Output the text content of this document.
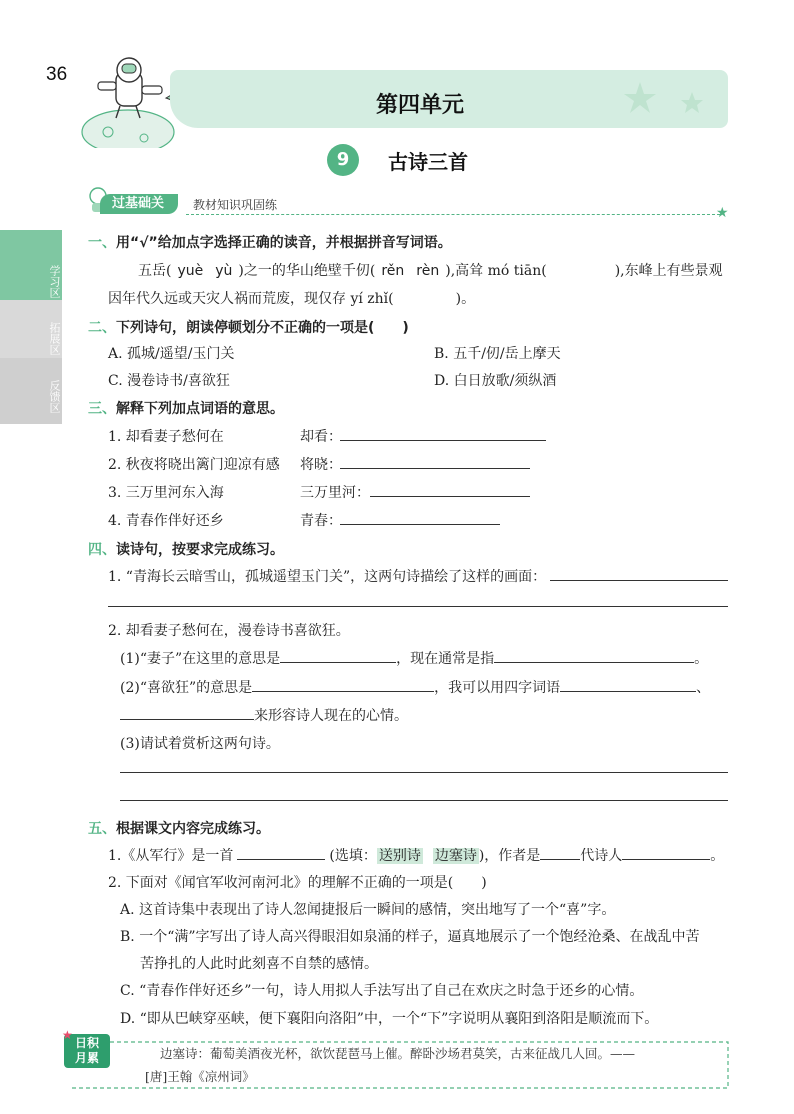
36
第四单元
9	古诗三首
过基础关	教材知识巩固练	★
学习区
拓展区
反馈区
一、用“√”给加点字选择正确的读音，并根据拼音写词语。
五岳( yuè yù )之一的华山绝壁千仞( rěn rèn ),高耸 mó tiān(	),东峰上有些景观
因年代久远或天灾人祸而荒废，现仅存 yí zhǐ(	)。
二、下列诗句，朗读停顿划分不正确的一项是(　　)
A. 孤城/遥望/玉门关	B. 五千/仞/岳上摩天
C. 漫卷诗书/喜欲狂	D. 白日放歌/须纵酒
三、解释下列加点词语的意思。
1. 却看妻子愁何在	却看：
2. 秋夜将晓出篱门迎凉有感 将晓：
3. 三万里河东入海	三万里河：
4. 青春作伴好还乡	青春：
四、读诗句，按要求完成练习。
1. “青海长云暗雪山，孤城遥望玉门关”，这两句诗描绘了这样的画面：
2. 却看妻子愁何在，漫卷诗书喜欲狂。
(1)“妻子”在这里的意思是	，现在通常是指	。
(2)“喜欲狂”的意思是	，我可以用四字词语	、
来形容诗人现在的心情。
(3)请试着赏析这两句诗。
五、根据课文内容完成练习。
1.《从军行》是一首	(选填： 送别诗 边塞诗 )，作者是	代诗人	。
2. 下面对《闻官军收河南河北》的理解不正确的一项是(　　)
A. 这首诗集中表现出了诗人忽闻捷报后一瞬间的感情，突出地写了一个“喜”字。
B. 一个“满”字写出了诗人高兴得眼泪如泉涌的样子，逼真地展示了一个饱经沧桑、在战乱中苦
苦挣扎的人此时此刻喜不自禁的感情。
C. “青春作伴好还乡”一句，诗人用拟人手法写出了自己在欢庆之时急于还乡的心情。
D. “即从巴峡穿巫峡，便下襄阳向洛阳”中，一个“下”字说明从襄阳到洛阳是顺流而下。
日积
月累
★
边塞诗：葡萄美酒夜光杯，欲饮琵琶马上催。醉卧沙场君莫笑，古来征战几人回。——
[唐]王翰《凉州词》
